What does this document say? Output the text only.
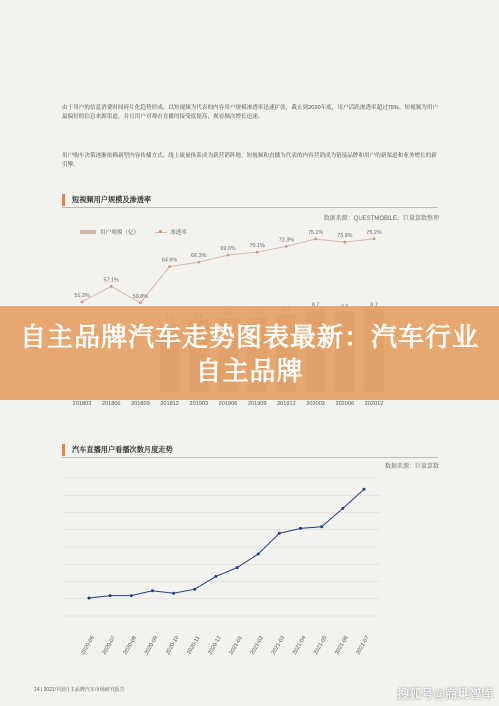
由于用户的信息消费时间碎片化趋势形成，以短视频为代表的内容用户规模渗透率迅速扩张，截止到2020年底，用户活跃渗透率超过75%。短视频为用户最偏好的信息来源渠道，并且用户对观看直播的接受度提高，观看频次增长迅速。
用户购车决策逐渐依赖新型内容传播方式，线上流量体系成为新营销阵地。短视频和直播为代表的内容营销成为链接品牌和用户的新渠道和业务增长的新引擎。
短视频用户规模及渗透率
数据来源：QUESTMOBILE，巨量算数整理
用户规模（亿）	渗透率
201803 201806 201809 201812 201903 201906 201909 201912 202003 202006 202012
51.2%
57.1%
50.8%
64.6%
66.3%
69.0%	70.1%
72.3%
75.1%
73.9%
75.2%
汽车直播用户看播次数月度走势
数据来源：巨量算数
2020-06 2020-07 2020-08 2020-09 2020-10 2020-11 2020-12 2021-01 2021-02 2021-03 2021-04 2021-05 2021-06 2021-07
自主品牌汽车走势图表最新：汽车行业自主品牌
14 | 2021中国自主品牌汽车市场研究报告	搜狐号@商巢智库
